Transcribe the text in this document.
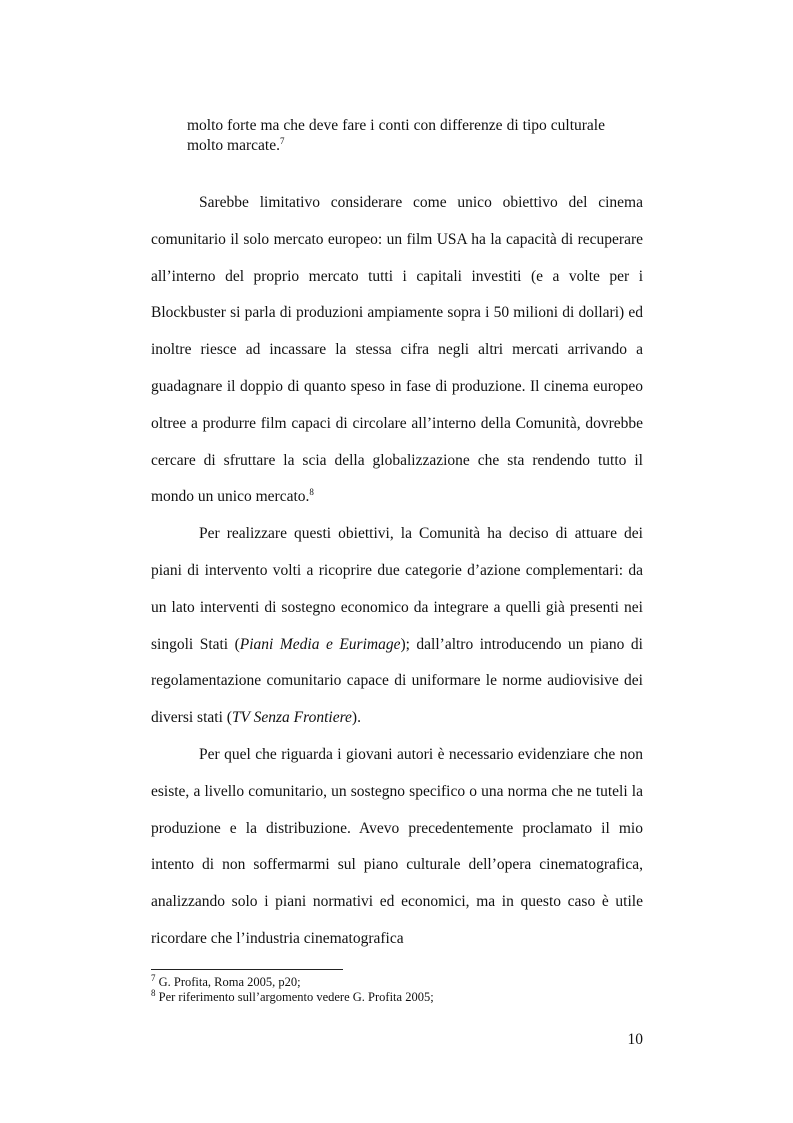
molto forte ma che deve fare i conti con differenze di tipo culturale molto marcate.$^7$

Sarebbe limitativo considerare come unico obiettivo del cinema comunitario il solo mercato europeo: un film USA ha la capacità di recuperare all’interno del proprio mercato tutti i capitali investiti (e a volte per i Blockbuster si parla di produzioni ampiamente sopra i 50 milioni di dollari) ed inoltre riesce ad incassare la stessa cifra negli altri mercati arrivando a guadagnare il doppio di quanto speso in fase di produzione. Il cinema europeo oltree a produrre film capaci di circolare all’interno della Comunità, dovrebbe cercare di sfruttare la scia della globalizzazione che sta rendendo tutto il mondo un unico mercato.$^8$

Per realizzare questi obiettivi, la Comunità ha deciso di attuare dei piani di intervento volti a ricoprire due categorie d’azione complementari: da un lato interventi di sostegno economico da integrare a quelli già presenti nei singoli Stati (Piani Media e Eurimage); dall’altro introducendo un piano di regolamentazione comunitario capace di uniformare le norme audiovisive dei diversi stati (TV Senza Frontiere).

Per quel che riguarda i giovani autori è necessario evidenziare che non esiste, a livello comunitario, un sostegno specifico o una norma che ne tuteli la produzione e la distribuzione. Avevo precedentemente proclamato il mio intento di non soffermarmi sul piano culturale dell’opera cinematografica, analizzando solo i piani normativi ed economici, ma in questo caso è utile ricordare che l’industria cinematografica

$^7$ G. Profita, Roma 2005, p20;
$^8$ Per riferimento sull’argomento vedere G. Profita 2005;
10
